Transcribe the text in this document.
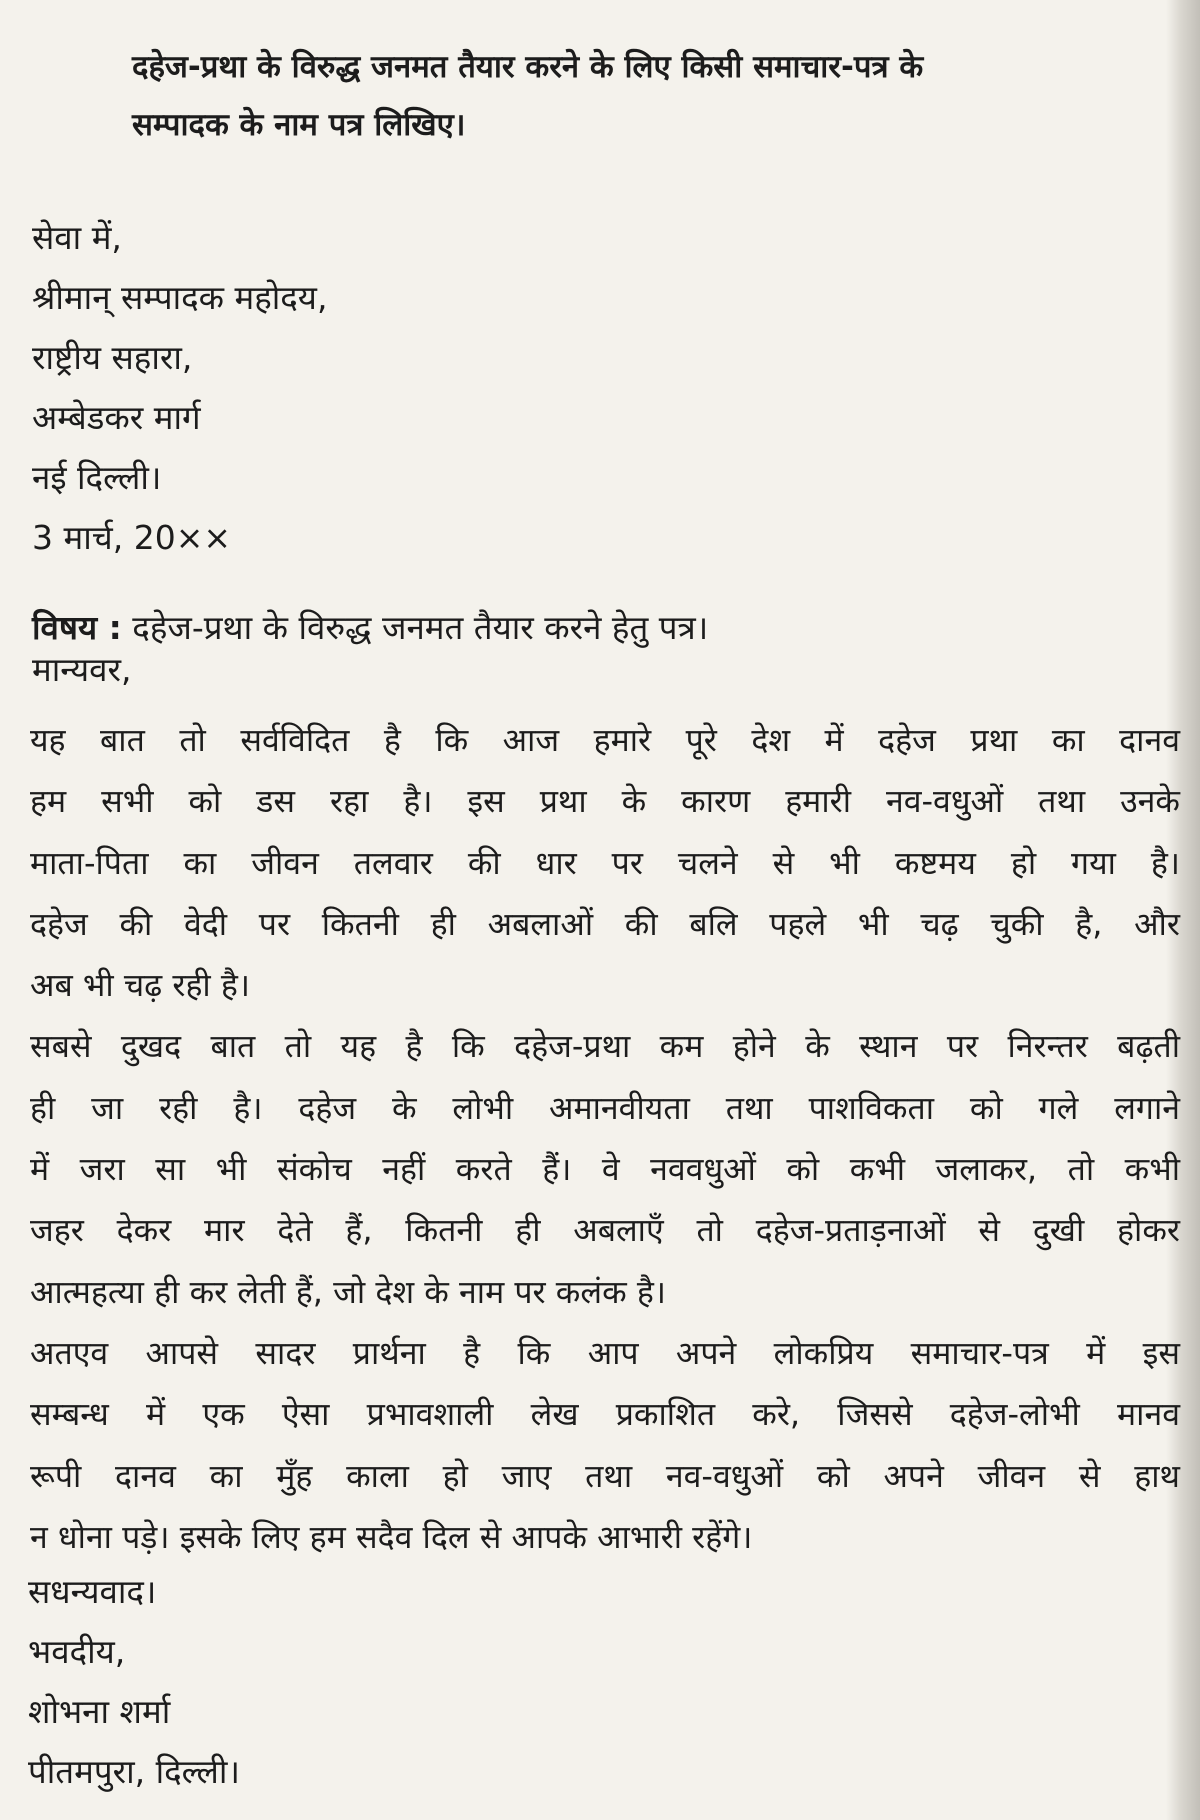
दहेज-प्रथा के विरुद्ध जनमत तैयार करने के लिए किसी समाचार-पत्र के
सम्पादक के नाम पत्र लिखिए।
सेवा में,
श्रीमान् सम्पादक महोदय,
राष्ट्रीय सहारा,
अम्बेडकर मार्ग
नई दिल्ली।
3 मार्च, 20××
विषय : दहेज-प्रथा के विरुद्ध जनमत तैयार करने हेतु पत्र।
मान्यवर,
यह बात तो सर्वविदित है कि आज हमारे पूरे देश में दहेज प्रथा का दानव
हम सभी को डस रहा है। इस प्रथा के कारण हमारी नव-वधुओं तथा उनके
माता-पिता का जीवन तलवार की धार पर चलने से भी कष्टमय हो गया है।
दहेज की वेदी पर कितनी ही अबलाओं की बलि पहले भी चढ़ चुकी है, और
अब भी चढ़ रही है।
सबसे दुखद बात तो यह है कि दहेज-प्रथा कम होने के स्थान पर निरन्तर बढ़ती
ही जा रही है। दहेज के लोभी अमानवीयता तथा पाशविकता को गले लगाने
में जरा सा भी संकोच नहीं करते हैं। वे नववधुओं को कभी जलाकर, तो कभी
जहर देकर मार देते हैं, कितनी ही अबलाएँ तो दहेज-प्रताड़नाओं से दुखी होकर
आत्महत्या ही कर लेती हैं, जो देश के नाम पर कलंक है।
अतएव आपसे सादर प्रार्थना है कि आप अपने लोकप्रिय समाचार-पत्र में इस
सम्बन्ध में एक ऐसा प्रभावशाली लेख प्रकाशित करे, जिससे दहेज-लोभी मानव
रूपी दानव का मुँह काला हो जाए तथा नव-वधुओं को अपने जीवन से हाथ
न धोना पड़े। इसके लिए हम सदैव दिल से आपके आभारी रहेंगे।
सधन्यवाद।
भवदीय,
शोभना शर्मा
पीतमपुरा, दिल्ली।
